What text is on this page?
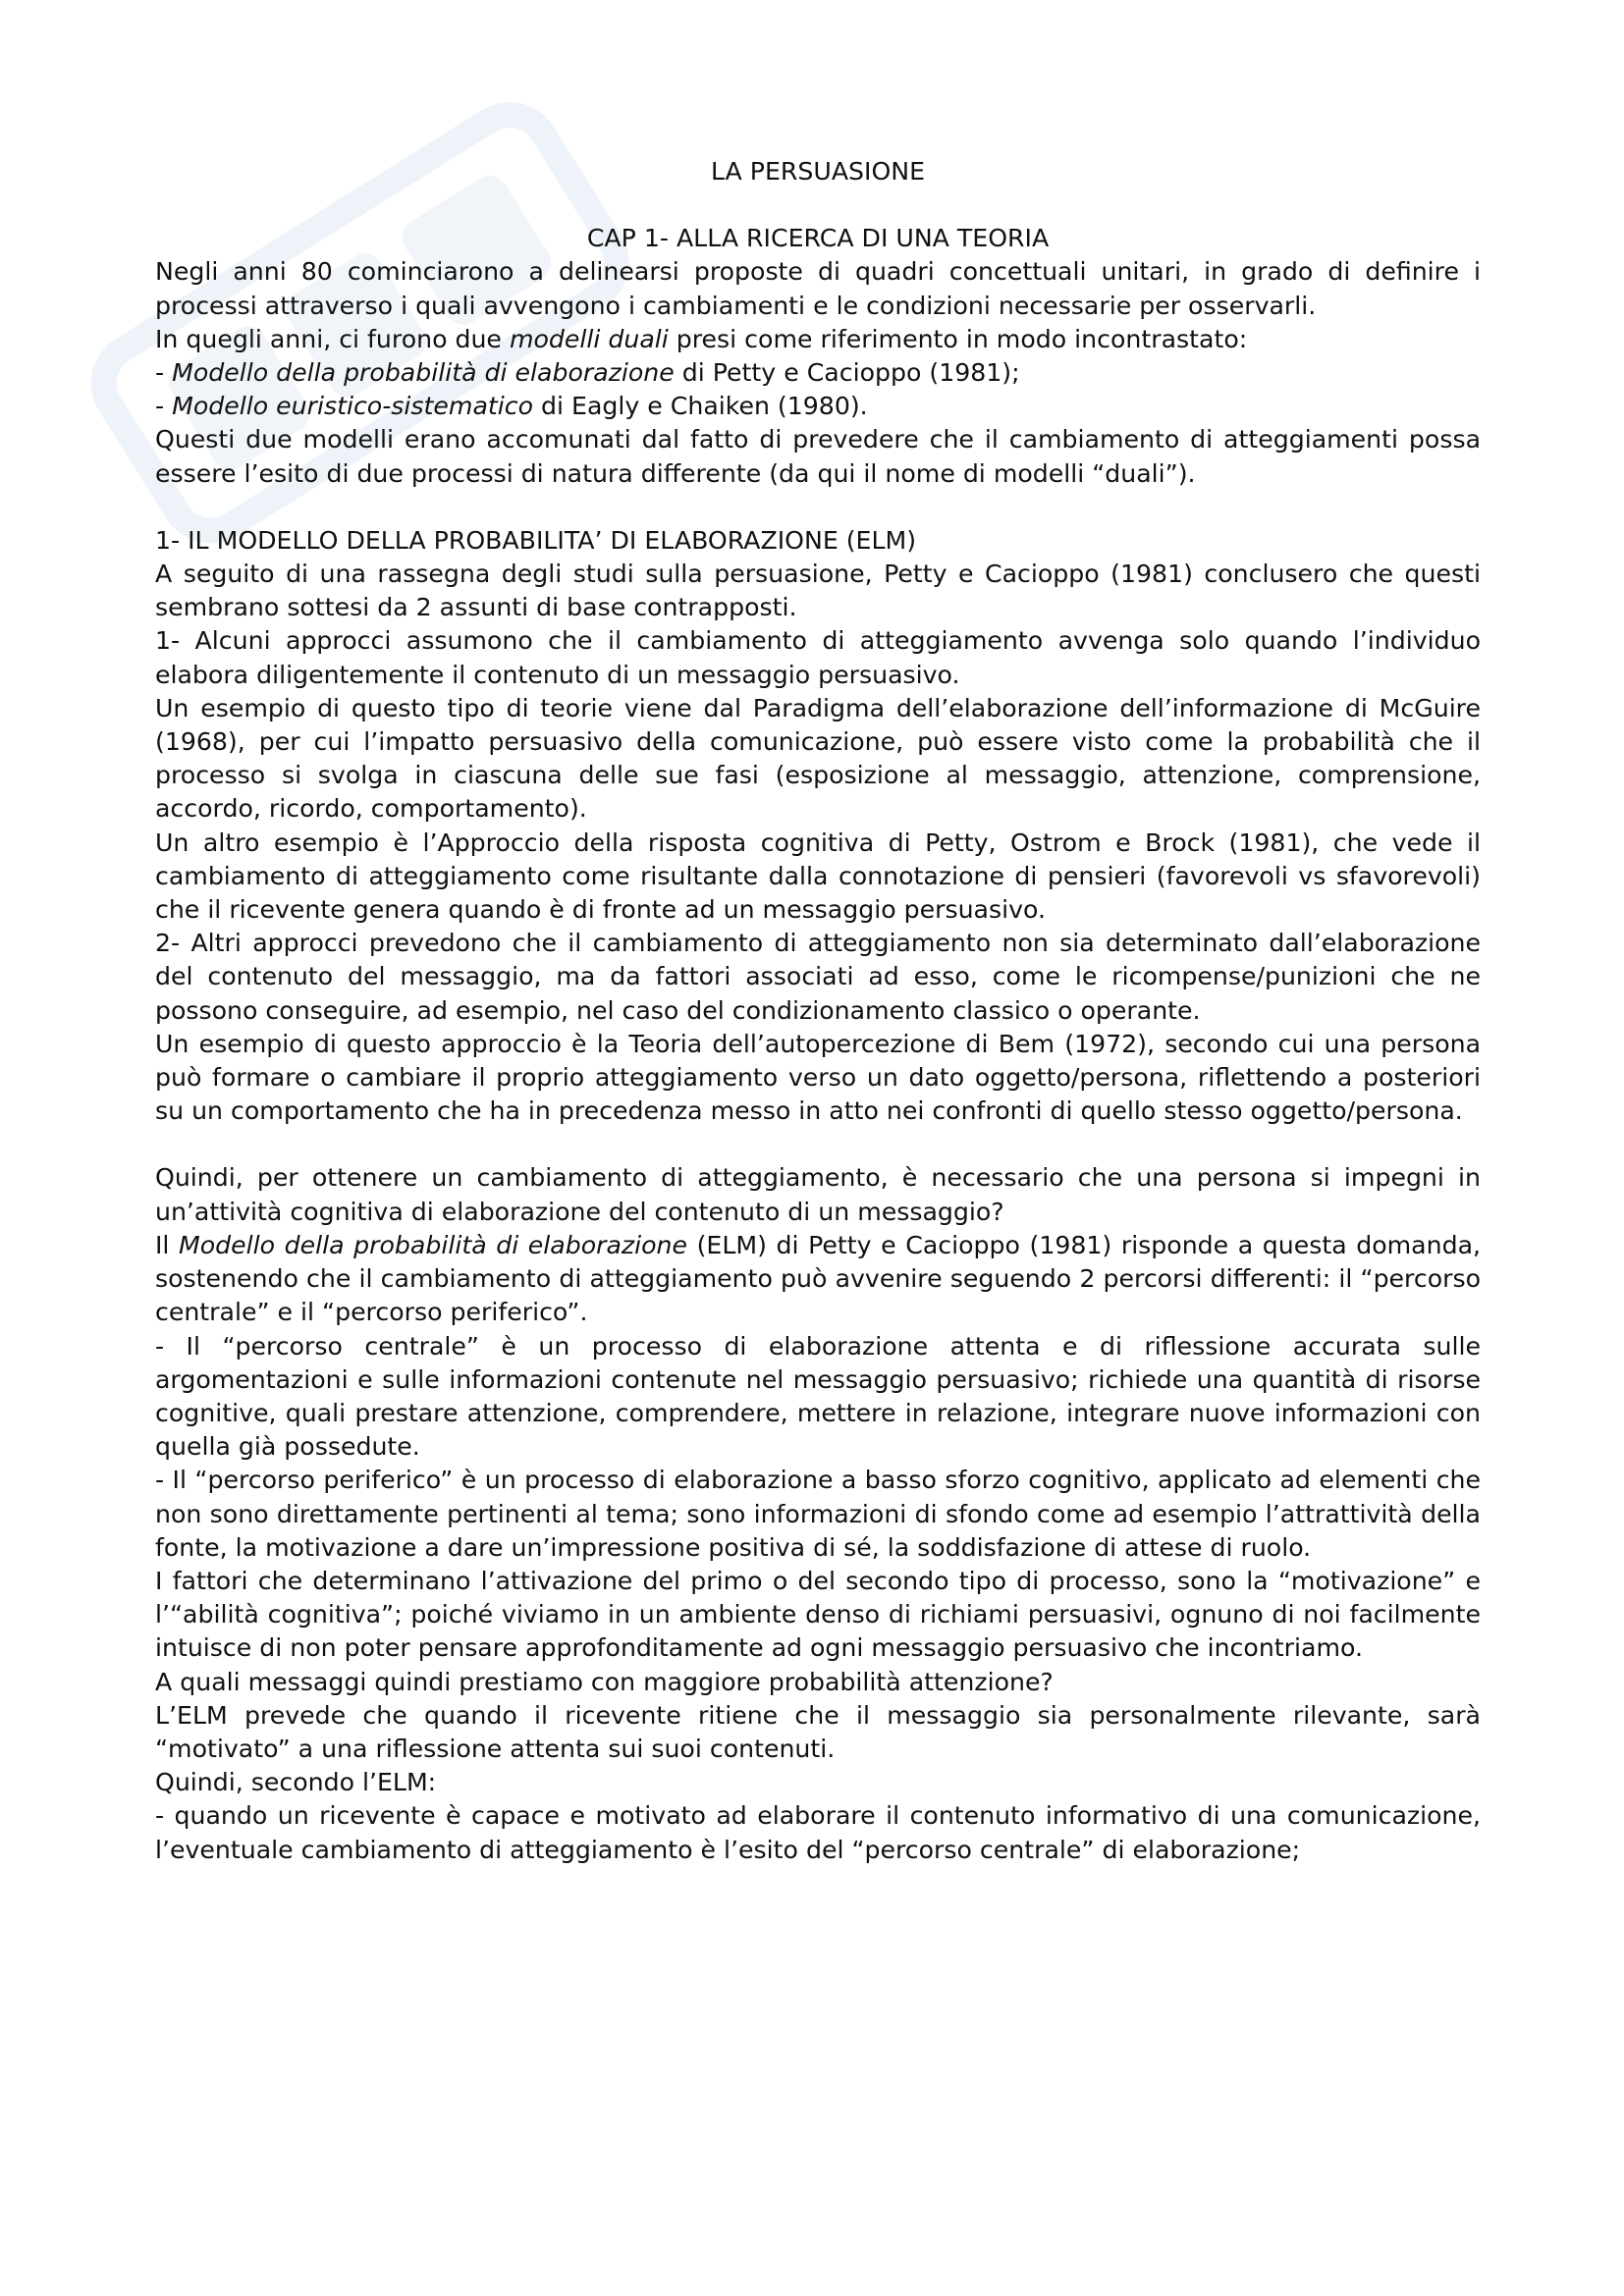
LA PERSUASIONE
CAP 1- ALLA RICERCA DI UNA TEORIA

Negli anni 80 cominciarono a delinearsi proposte di quadri concettuali unitari, in grado di definire i processi attraverso i quali avvengono i cambiamenti e le condizioni necessarie per osservarli.

In quegli anni, ci furono due modelli duali presi come riferimento in modo incontrastato:

- Modello della probabilità di elaborazione di Petty e Cacioppo (1981);

- Modello euristico-sistematico di Eagly e Chaiken (1980).

Questi due modelli erano accomunati dal fatto di prevedere che il cambiamento di atteggiamenti possa essere l’esito di due processi di natura differente (da qui il nome di modelli “duali”).

1- IL MODELLO DELLA PROBABILITA’ DI ELABORAZIONE (ELM)

A seguito di una rassegna degli studi sulla persuasione, Petty e Cacioppo (1981) conclusero che questi sembrano sottesi da 2 assunti di base contrapposti.

1- Alcuni approcci assumono che il cambiamento di atteggiamento avvenga solo quando l’individuo elabora diligentemente il contenuto di un messaggio persuasivo.

Un esempio di questo tipo di teorie viene dal Paradigma dell’elaborazione dell’informazione di McGuire (1968), per cui l’impatto persuasivo della comunicazione, può essere visto come la probabilità che il processo si svolga in ciascuna delle sue fasi (esposizione al messaggio, attenzione, comprensione, accordo, ricordo, comportamento).

Un altro esempio è l’Approccio della risposta cognitiva di Petty, Ostrom e Brock (1981), che vede il cambiamento di atteggiamento come risultante dalla connotazione di pensieri (favorevoli vs sfavorevoli) che il ricevente genera quando è di fronte ad un messaggio persuasivo.

2- Altri approcci prevedono che il cambiamento di atteggiamento non sia determinato dall’elaborazione del contenuto del messaggio, ma da fattori associati ad esso, come le ricompense/punizioni che ne possono conseguire, ad esempio, nel caso del condizionamento classico o operante.

Un esempio di questo approccio è la Teoria dell’autopercezione di Bem (1972), secondo cui una persona può formare o cambiare il proprio atteggiamento verso un dato oggetto/persona, riflettendo a posteriori su un comportamento che ha in precedenza messo in atto nei confronti di quello stesso oggetto/persona.

Quindi, per ottenere un cambiamento di atteggiamento, è necessario che una persona si impegni in un’attività cognitiva di elaborazione del contenuto di un messaggio?

Il Modello della probabilità di elaborazione (ELM) di Petty e Cacioppo (1981) risponde a questa domanda, sostenendo che il cambiamento di atteggiamento può avvenire seguendo 2 percorsi differenti: il “percorso centrale” e il “percorso periferico”.

- Il “percorso centrale” è un processo di elaborazione attenta e di riflessione accurata sulle argomentazioni e sulle informazioni contenute nel messaggio persuasivo; richiede una quantità di risorse cognitive, quali prestare attenzione, comprendere, mettere in relazione, integrare nuove informazioni con quella già possedute.

- Il “percorso periferico” è un processo di elaborazione a basso sforzo cognitivo, applicato ad elementi che non sono direttamente pertinenti al tema; sono informazioni di sfondo come ad esempio l’attrattività della fonte, la motivazione a dare un’impressione positiva di sé, la soddisfazione di attese di ruolo.

I fattori che determinano l’attivazione del primo o del secondo tipo di processo, sono la “motivazione” e l’“abilità cognitiva”; poiché viviamo in un ambiente denso di richiami persuasivi, ognuno di noi facilmente intuisce di non poter pensare approfonditamente ad ogni messaggio persuasivo che incontriamo.

A quali messaggi quindi prestiamo con maggiore probabilità attenzione?

L’ELM prevede che quando il ricevente ritiene che il messaggio sia personalmente rilevante, sarà “motivato” a una riflessione attenta sui suoi contenuti.

Quindi, secondo l’ELM:

- quando un ricevente è capace e motivato ad elaborare il contenuto informativo di una comunicazione, l’eventuale cambiamento di atteggiamento è l’esito del “percorso centrale” di elaborazione;
